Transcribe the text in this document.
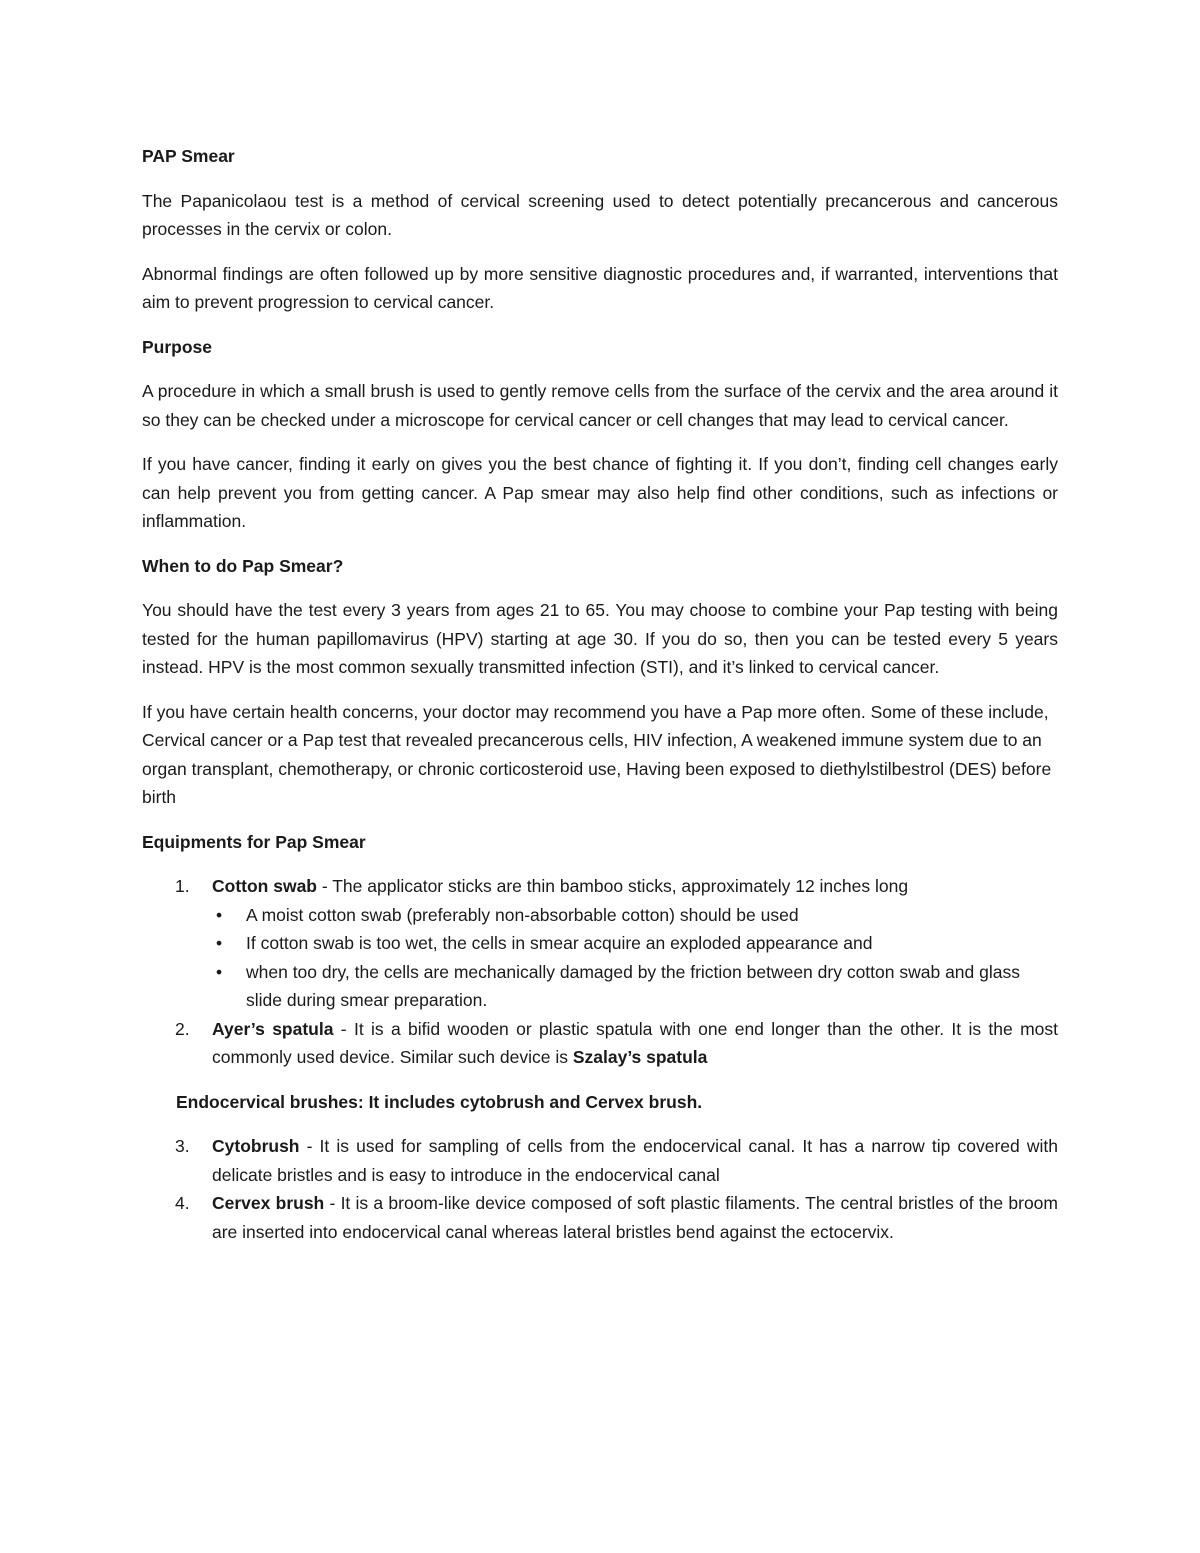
PAP Smear

The Papanicolaou test is a method of cervical screening used to detect potentially precancerous and cancerous processes in the cervix or colon.

Abnormal findings are often followed up by more sensitive diagnostic procedures and, if warranted, interventions that aim to prevent progression to cervical cancer.

Purpose

A procedure in which a small brush is used to gently remove cells from the surface of the cervix and the area around it so they can be checked under a microscope for cervical cancer or cell changes that may lead to cervical cancer.

If you have cancer, finding it early on gives you the best chance of fighting it. If you don’t, finding cell changes early can help prevent you from getting cancer. A Pap smear may also help find other conditions, such as infections or inflammation.

When to do Pap Smear?

You should have the test every 3 years from ages 21 to 65. You may choose to combine your Pap testing with being tested for the human papillomavirus (HPV) starting at age 30. If you do so, then you can be tested every 5 years instead. HPV is the most common sexually transmitted infection (STI), and it’s linked to cervical cancer.

If you have certain health concerns, your doctor may recommend you have a Pap more often. Some of these include, Cervical cancer or a Pap test that revealed precancerous cells, HIV infection, A weakened immune system due to an organ transplant, chemotherapy, or chronic corticosteroid use, Having been exposed to diethylstilbestrol (DES) before birth

Equipments for Pap Smear

1. Cotton swab - The applicator sticks are thin bamboo sticks, approximately 12 inches long
• A moist cotton swab (preferably non-absorbable cotton) should be used
• If cotton swab is too wet, the cells in smear acquire an exploded appearance and
• when too dry, the cells are mechanically damaged by the friction between dry cotton swab and glass slide during smear preparation.
2. Ayer’s spatula - It is a bifid wooden or plastic spatula with one end longer than the other. It is the most commonly used device. Similar such device is Szalay’s spatula

Endocervical brushes: It includes cytobrush and Cervex brush.

3. Cytobrush - It is used for sampling of cells from the endocervical canal. It has a narrow tip covered with delicate bristles and is easy to introduce in the endocervical canal
4. Cervex brush - It is a broom-like device composed of soft plastic filaments. The central bristles of the broom are inserted into endocervical canal whereas lateral bristles bend against the ectocervix.
